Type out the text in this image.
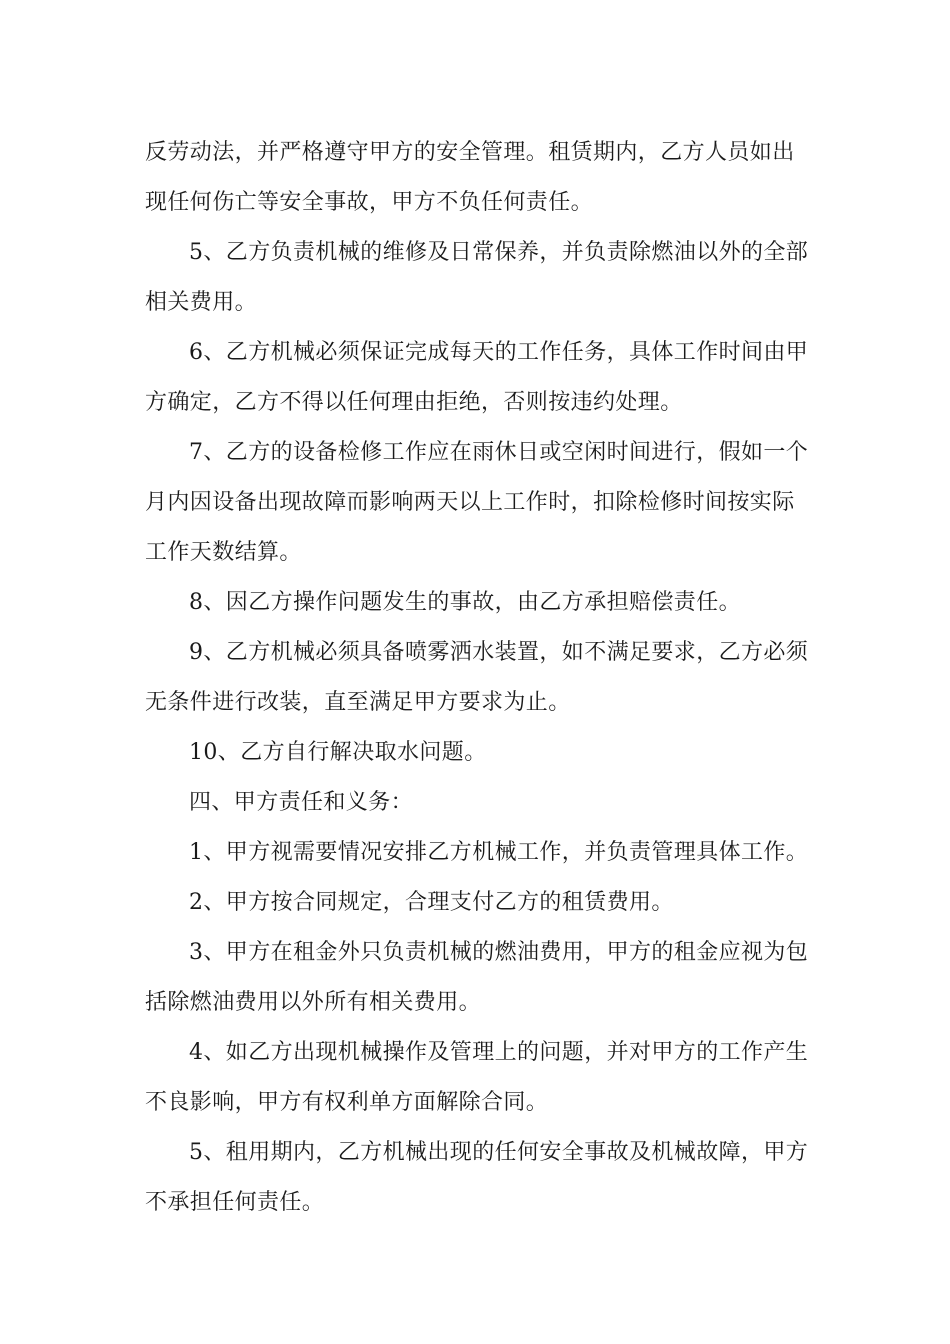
反劳动法，并严格遵守甲方的安全管理。租赁期内，乙方人员如出
现任何伤亡等安全事故，甲方不负任何责任。
5、乙方负责机械的维修及日常保养，并负责除燃油以外的全部
相关费用。
6、乙方机械必须保证完成每天的工作任务，具体工作时间由甲
方确定，乙方不得以任何理由拒绝，否则按违约处理。
7、乙方的设备检修工作应在雨休日或空闲时间进行，假如一个
月内因设备出现故障而影响两天以上工作时，扣除检修时间按实际
工作天数结算。
8、因乙方操作问题发生的事故，由乙方承担赔偿责任。
9、乙方机械必须具备喷雾洒水装置，如不满足要求，乙方必须
无条件进行改装，直至满足甲方要求为止。
10、乙方自行解决取水问题。
四、甲方责任和义务：
1、甲方视需要情况安排乙方机械工作，并负责管理具体工作。
2、甲方按合同规定，合理支付乙方的租赁费用。
3、甲方在租金外只负责机械的燃油费用，甲方的租金应视为包
括除燃油费用以外所有相关费用。
4、如乙方出现机械操作及管理上的问题，并对甲方的工作产生
不良影响，甲方有权利单方面解除合同。
5、租用期内，乙方机械出现的任何安全事故及机械故障，甲方
不承担任何责任。
